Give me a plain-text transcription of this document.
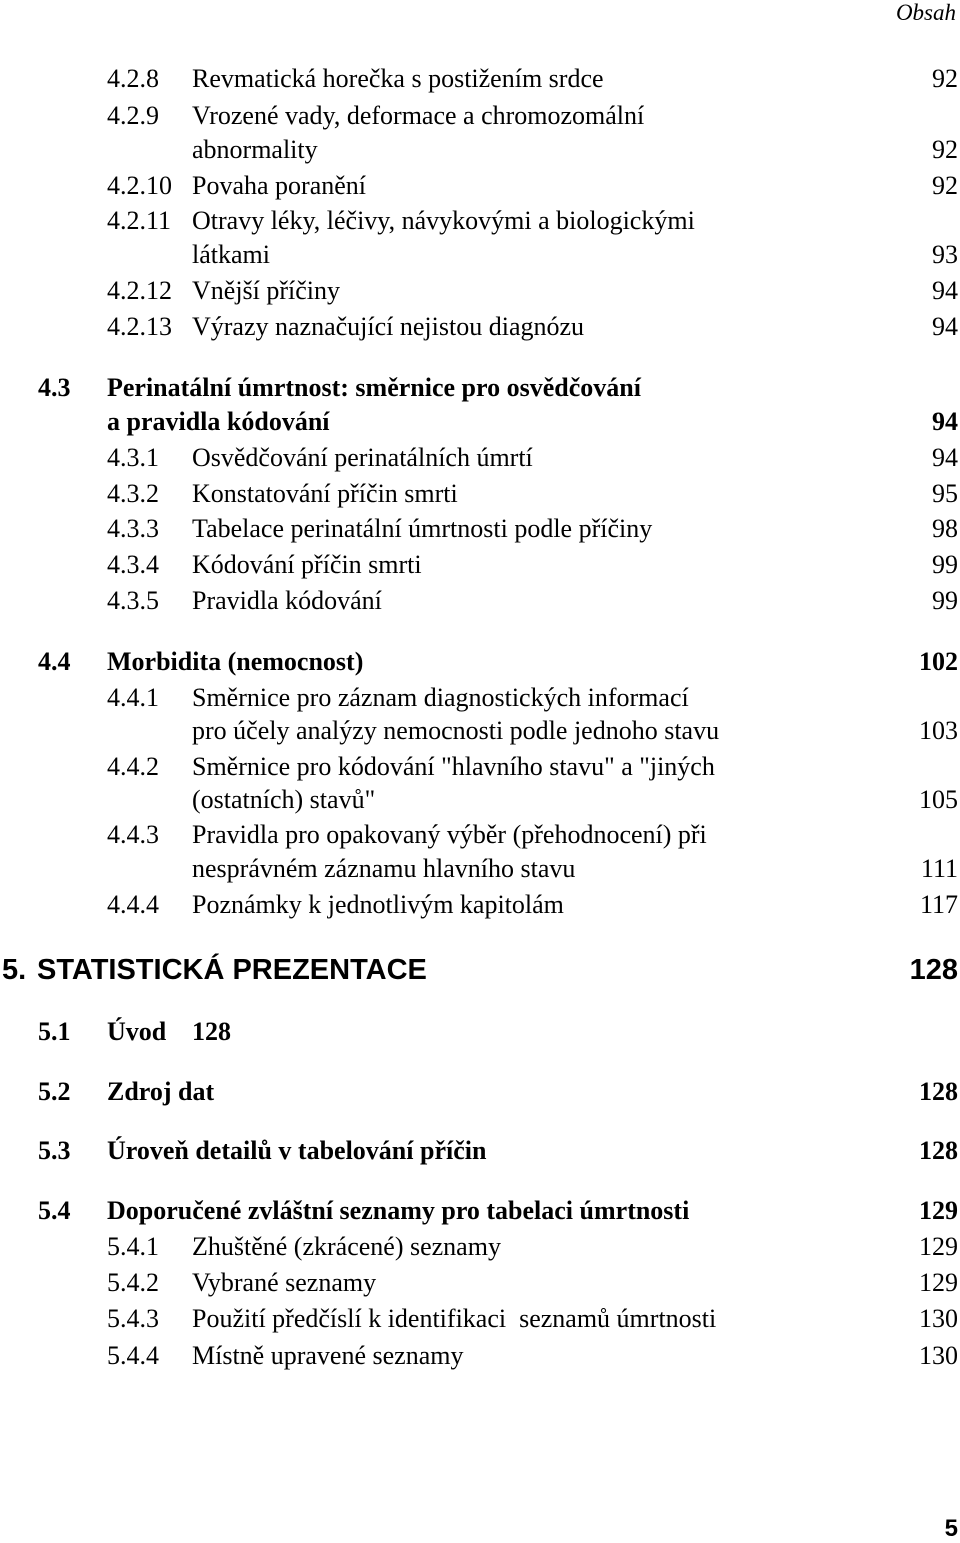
Obsah
4.2.8 Revmatická horečka s postižením srdce	92
4.2.9 Vrozené vady, deformace a chromozomální
abnormality	92
4.2.10 Povaha poranění	92
4.2.11 Otravy léky, léčivy, návykovými a biologickými
látkami	93
4.2.12 Vnější příčiny	94
4.2.13 Výrazy naznačující nejistou diagnózu	94
4.3 Perinatální úmrtnost: směrnice pro osvědčování
a pravidla kódování	94
4.3.1 Osvědčování perinatálních úmrtí	94
4.3.2 Konstatování příčin smrti	95
4.3.3 Tabelace perinatální úmrtnosti podle příčiny	98
4.3.4 Kódování příčin smrti	99
4.3.5 Pravidla kódování	99
4.4 Morbidita (nemocnost)	102
4.4.1 Směrnice pro záznam diagnostických informací
pro účely analýzy nemocnosti podle jednoho stavu	103
4.4.2 Směrnice pro kódování "hlavního stavu" a "jiných
(ostatních) stavů"	105
4.4.3 Pravidla pro opakovaný výběr (přehodnocení) při
nesprávném záznamu hlavního stavu	111
4.4.4 Poznámky k jednotlivým kapitolám	117
5. STATISTICKÁ PREZENTACE	128
5.1 Úvod 128
5.2 Zdroj dat	128
5.3 Úroveň detailů v tabelování příčin	128
5.4 Doporučené zvláštní seznamy pro tabelaci úmrtnosti	129
5.4.1 Zhuštěné (zkrácené) seznamy	129
5.4.2 Vybrané seznamy	129
5.4.3 Použití předčíslí k identifikaci  seznamů úmrtnosti	130
5.4.4 Místně upravené seznamy	130
5
